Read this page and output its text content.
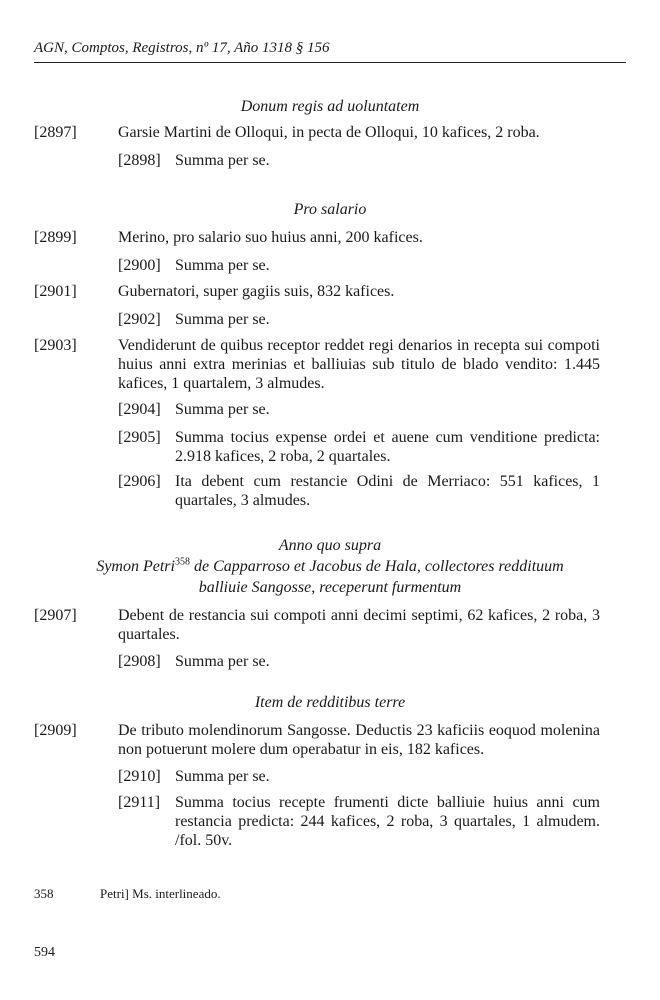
AGN, Comptos, Registros, nº 17, Año 1318 § 156
Donum regis ad uoluntatem
[2897]	Garsie Martini de Olloqui, in pecta de Olloqui, 10 kafices, 2 roba.
[2898] Summa per se.
Pro salario
[2899]	Merino, pro salario suo huius anni, 200 kafices.
[2900] Summa per se.
[2901]	Gubernatori, super gagiis suis, 832 kafices.
[2902] Summa per se.
[2903]	Vendiderunt de quibus receptor reddet regi denarios in recepta sui compoti huius anni extra merinias et balliuias sub titulo de blado vendito: 1.445 kafices, 1 quartalem, 3 almudes.
[2904] Summa per se.
[2905] Summa tocius expense ordei et auene cum venditione predicta: 2.918 kafices, 2 roba, 2 quartales.
[2906] Ita debent cum restancie Odini de Merriaco: 551 kafices, 1 quartales, 3 almudes.
Anno quo supra
Symon Petri$^{358}$ de Capparroso et Jacobus de Hala, collectores reddituum
balliuie Sangosse, receperunt furmentum
[2907]	Debent de restancia sui compoti anni decimi septimi, 62 kafices, 2 roba, 3 quartales.
[2908] Summa per se.
Item de redditibus terre
[2909]	De tributo molendinorum Sangosse. Deductis 23 kaficiis eoquod molenina non potuerunt molere dum operabatur in eis, 182 kafices.
[2910] Summa per se.
[2911] Summa tocius recepte frumenti dicte balliuie huius anni cum restancia predicta: 244 kafices, 2 roba, 3 quartales, 1 almudem. /fol. 50v.
358	Petri] Ms. interlineado.
594
